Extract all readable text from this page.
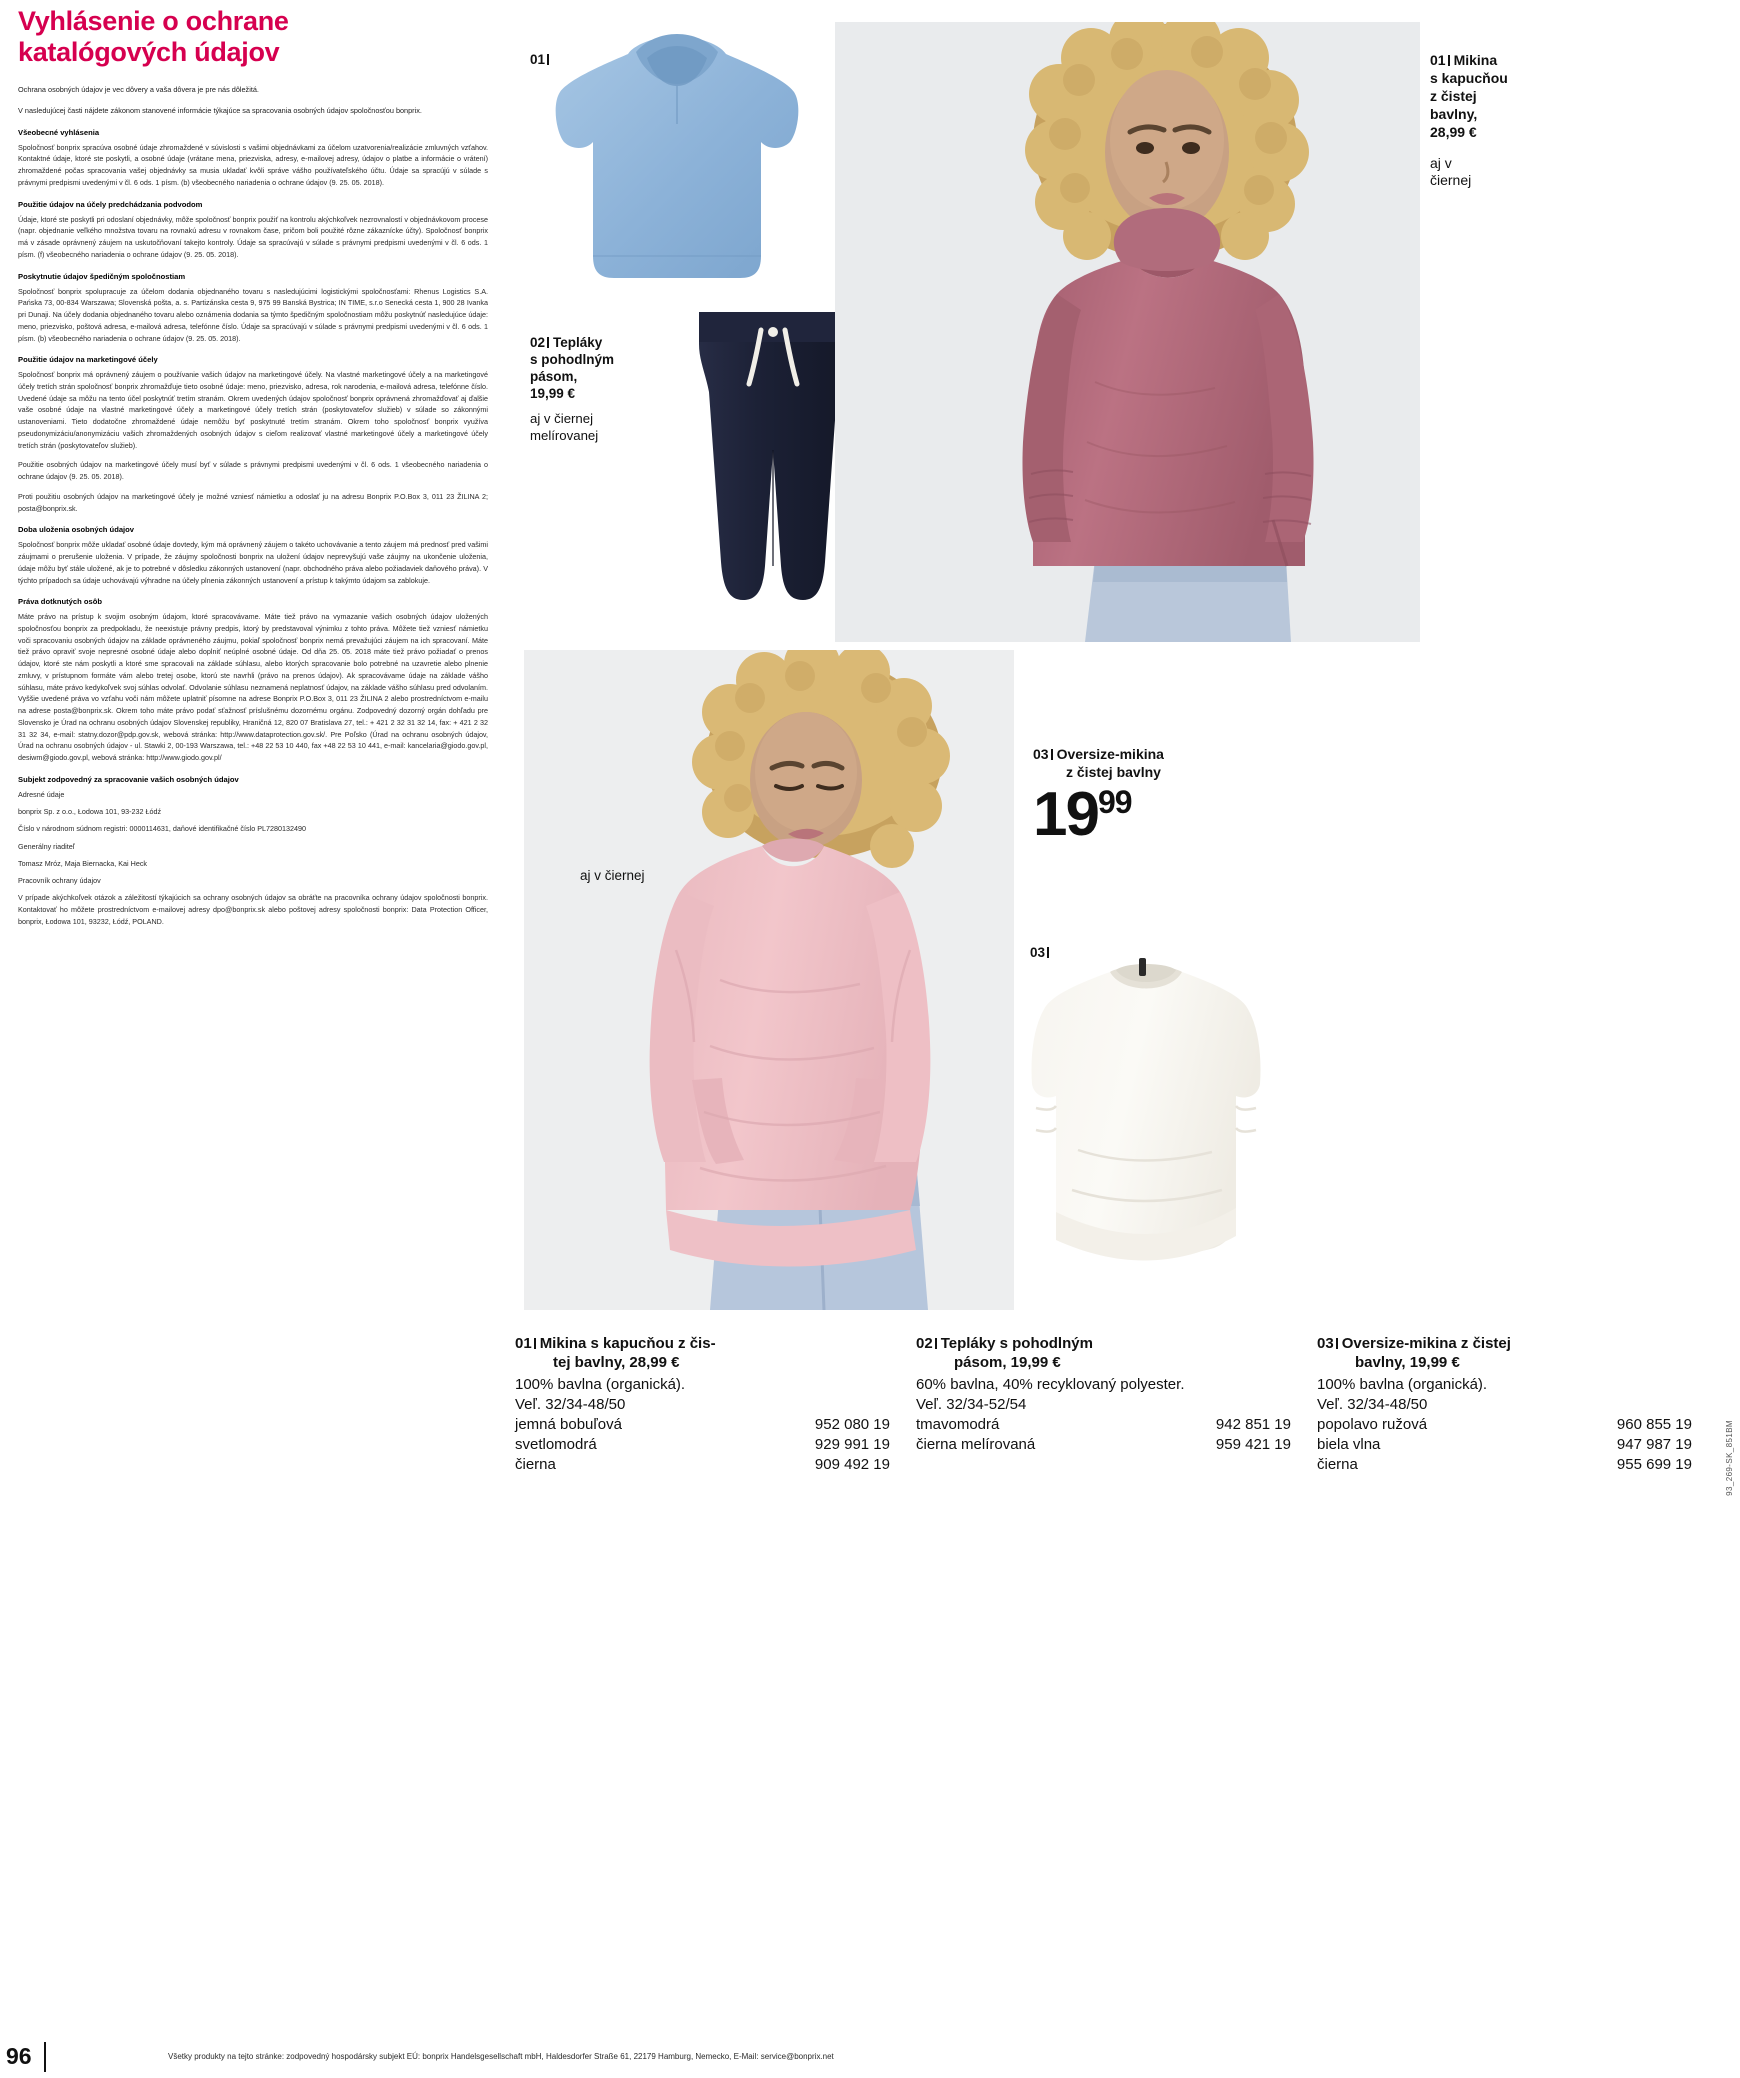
Vyhlásenie o ochrane katalógových údajov
Ochrana osobných údajov je vec dôvery a vaša dôvera je pre nás dôležitá.
V nasledujúcej časti nájdete zákonom stanovené informácie týkajúce sa spracovania osobných údajov spoločnosťou bonprix.
Všeobecné vyhlásenia
Spoločnosť bonprix spracúva osobné údaje zhromaždené v súvislosti s vašimi objednávkami za účelom uzatvorenia/realizácie zmluvných vzťahov. Kontaktné údaje, ktoré ste poskytli, a osobné údaje (vrátane mena, priezviska, adresy, e-mailovej adresy, údajov o platbe a informácie o vrátení) zhromaždené počas spracovania vašej objednávky sa musia ukladať kvôli správe vášho používateľského účtu. Údaje sa spracújú v súlade s právnymi predpismi uvedenými v čl. 6 ods. 1 písm. (b) všeobecného nariadenia o ochrane údajov (9. 25. 05. 2018).
Použitie údajov na účely predchádzania podvodom
Údaje, ktoré ste poskytli pri odoslaní objednávky, môže spoločnosť bonprix použiť na kontrolu akýchkoľvek nezrovnalostí v objednávkovom procese (napr. objednanie veľkého množstva tovaru na rovnakú adresu v rovnakom čase, pričom boli použité rôzne zákaznícke účty). Spoločnosť bonprix má v zásade oprávnený záujem na uskutočňovaní takejto kontroly. Údaje sa spracúvajú v súlade s právnymi predpismi uvedenými v čl. 6 ods. 1 písm. (f) všeobecného nariadenia o ochrane údajov (9. 25. 05. 2018).
Poskytnutie údajov špedičným spoločnostiam
Spoločnosť bonprix spolupracuje za účelom dodania objednaného tovaru s nasledujúcimi logistickými spoločnosťami: Rhenus Logistics S.A. Pańska 73, 00-834 Warszawa; Slovenská pošta, a. s. Partizánska cesta 9, 975 99 Banská Bystrica; IN TIME, s.r.o Senecká cesta 1, 900 28 Ivanka pri Dunaji. Na účely dodania objednaného tovaru alebo oznámenia dodania sa týmto špedičným spoločnostiam môžu poskytnúť nasledujúce údaje: meno, priezvisko, poštová adresa, e-mailová adresa, telefónne číslo. Údaje sa spracúvajú v súlade s právnymi predpismi uvedenými v čl. 6 ods. 1 písm. (b) všeobecného nariadenia o ochrane údajov (9. 25. 05. 2018).
Použitie údajov na marketingové účely
Spoločnosť bonprix má oprávnený záujem o používanie vašich údajov na marketingové účely. Na vlastné marketingové účely a na marketingové účely tretích strán spoločnosť bonprix zhromažďuje tieto osobné údaje: meno, priezvisko, adresa, rok narodenia, e-mailová adresa, telefónne číslo. Uvedené údaje sa môžu na tento účel poskytnúť tretím stranám. Okrem uvedených údajov spoločnosť bonprix oprávnená zhromažďovať aj ďalšie vaše osobné údaje na vlastné marketingové účely a marketingové účely tretích strán (poskytovateľov služieb) v súlade so zákonnými ustanoveniami. Tieto dodatočne zhromaždené údaje nemôžu byť poskytnuté tretím stranám. Okrem toho spoločnosť bonprix využíva pseudonymizáciu/anonymizáciu vašich zhromaždených osobných údajov s cieľom realizovať vlastné marketingové účely a marketingové účely tretích strán (poskytovateľov služieb).
Použitie osobných údajov na marketingové účely musí byť v súlade s právnymi predpismi uvedenými v čl. 6 ods. 1 všeobecného nariadenia o ochrane údajov (9. 25. 05. 2018).
Proti použitiu osobných údajov na marketingové účely je možné vzniesť námietku a odoslať ju na adresu Bonprix P.O.Box 3, 011 23 ŽILINA 2; posta@bonprix.sk.
Doba uloženia osobných údajov
Spoločnosť bonprix môže ukladať osobné údaje dovtedy, kým má oprávnený záujem o takéto uchovávanie a tento záujem má prednosť pred vašimi záujmami o prerušenie uloženia. V prípade, že záujmy spoločnosti bonprix na uložení údajov neprevyšujú vaše záujmy na ukončenie uloženia, údaje môžu byť stále uložené, ak je to potrebné v dôsledku zákonných ustanovení (napr. obchodného práva alebo požiadaviek daňového práva). V týchto prípadoch sa údaje uchovávajú výhradne na účely plnenia zákonných ustanovení a prístup k takýmto údajom sa zablokuje.
Práva dotknutých osôb
Máte právo na prístup k svojim osobným údajom, ktoré spracovávame. Máte tiež právo na vymazanie vašich osobných údajov uložených spoločnosťou bonprix za predpokladu, že neexistuje právny predpis, ktorý by predstavoval výnimku z tohto práva. Môžete tiež vzniesť námietku voči spracovaniu osobných údajov na základe oprávneného záujmu, pokiaľ spoločnosť bonprix nemá prevažujúci záujem na ich spracovaní. Máte tiež právo opraviť svoje nepresné osobné údaje alebo doplniť neúplné osobné údaje. Od dňa 25. 05. 2018 máte tiež právo požiadať o prenos údajov, ktoré ste nám poskytli a ktoré sme spracovali na základe súhlasu, alebo ktorých spracovanie bolo potrebné na uzavretie alebo plnenie zmluvy, v prístupnom formáte vám alebo tretej osobe, ktorú ste navrhli (právo na prenos údajov). Ak spracovávame údaje na základe vášho súhlasu, máte právo kedykoľvek svoj súhlas odvolať. Odvolanie súhlasu neznamená neplatnosť údajov, na základe vášho súhlasu pred odvolaním. Vyššie uvedené práva vo vzťahu voči nám môžete uplatniť písomne na adrese Bonprix P.O.Box 3, 011 23 ŽILINA 2 alebo prostredníctvom e-mailu na adrese posta@bonprix.sk. Okrem toho máte právo podať sťažnosť príslušnému dozornému orgánu. Zodpovedný dozorný orgán dohľadu pre Slovensko je Úrad na ochranu osobných údajov Slovenskej republiky, Hraničná 12, 820 07 Bratislava 27, tel.: + 421 2 32 31 32 14, fax: + 421 2 32 31 32 34, e-mail: statny.dozor@pdp.gov.sk, webová stránka: http://www.dataprotection.gov.sk/. Pre Poľsko (Úrad na ochranu osobných údajov, Úrad na ochranu osobných údajov - ul. Stawki 2, 00-193 Warszawa, tel.: +48 22 53 10 440, fax +48 22 53 10 441, e-mail: kancelaria@giodo.gov.pl, desiwm@giodo.gov.pl, webová stránka: http://www.giodo.gov.pl/
Subjekt zodpovedný za spracovanie vašich osobných údajov
Adresné údaje
bonprix Sp. z o.o., Łodowa 101, 93-232 Łódź
Číslo v národnom súdnom registri: 0000114631, daňové identifikačné číslo PL7280132490
Generálny riaditeľ
Tomasz Mróz, Maja Biernacka, Kai Heck
Pracovník ochrany údajov
V prípade akýchkoľvek otázok a záležitostí týkajúcich sa ochrany osobných údajov sa obráťte na pracovníka ochrany údajov spoločnosti bonprix. Kontaktovať ho môžete prostredníctvom e-mailovej adresy dpo@bonprix.sk alebo poštovej adresy spoločnosti bonprix: Data Protection Officer, bonprix, Łodowa 101, 93232, Łódź, POLAND.
01
02 Tepláky
s pohodlným
pásom,
19,99 €
aj v čiernej
melírovanej
01 Mikina
s kapucňou
z čistej
bavlny,
28,99 €
aj v
čiernej
aj v čiernej
03 Oversize-mikina
z čistej bavlny
1999
03
01 Mikina s kapucňou z čis-
tej bavlny, 28,99 €
100% bavlna (organická).
Veľ. 32/34-48/50
jemná bobuľová	952 080 19
svetlomodrá	929 991 19
čierna	909 492 19
02 Tepláky s pohodlným
pásom, 19,99 €
60% bavlna, 40% recyklovaný polyester.
Veľ. 32/34-52/54
tmavomodrá	942 851 19
čierna melírovaná	959 421 19
03 Oversize-mikina z čistej
bavlny, 19,99 €
100% bavlna (organická).
Veľ. 32/34-48/50
popolavo ružová	960 855 19
biela vlna	947 987 19
čierna	955 699 19	93_269-SK_851BM
96	Všetky produkty na tejto stránke: zodpovedný hospodársky subjekt EÚ: bonprix Handelsgesellschaft mbH, Haldesdorfer Straße 61, 22179 Hamburg, Nemecko, E-Mail: service@bonprix.net
